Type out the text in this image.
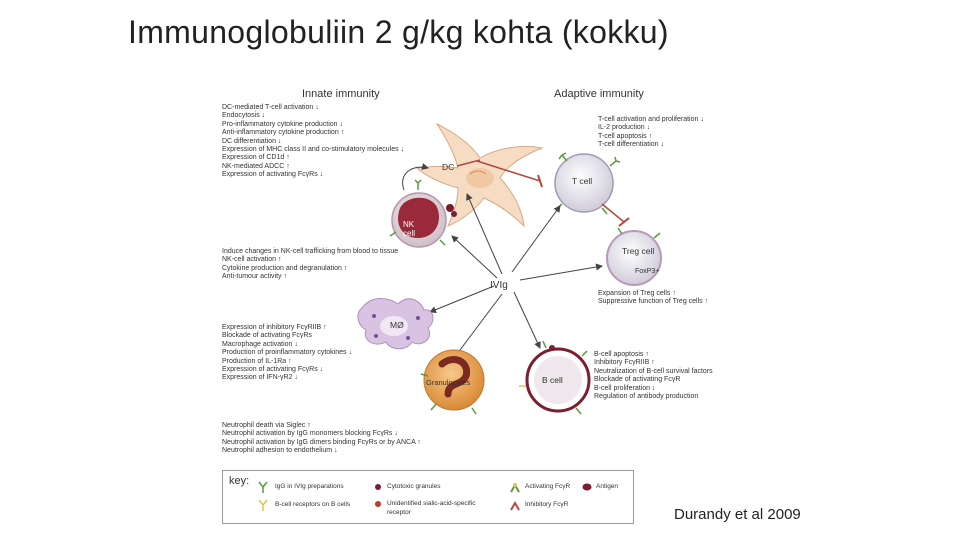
Immunoglobuliin 2 g/kg kohta (kokku)
Innate immunity	Adaptive immunity
DC-mediated T-cell activation ↓
Endocytosis ↓
Pro-inflammatory cytokine production ↓
Anti-inflammatory cytokine production ↑
DC differentiation ↓
Expression of MHC class II and co-stimulatory molecules ↓
Expression of CD1d ↑
NK-mediated ADCC ↑
Expression of activating FcγRs ↓
T-cell activation and proliferation ↓
IL-2 production ↓
T-cell apoptosis ↑
T-cell differentiation ↓
Induce changes in NK-cell trafficking from blood to tissue
NK-cell activation ↑
Cytokine production and degranulation ↑
Anti-tumour activity ↑
Expansion of Treg cells ↑
Suppressive function of Treg cells ↑
Expression of inhibitory FcγRIIB ↑
Blockade of activating FcγRs
Macrophage activation ↓
Production of proinflammatory cytokines ↓
Production of IL-1Ra ↑
Expression of activating FcγRs ↓
Expression of IFN-γR2 ↓
B-cell apoptosis ↑
Inhibitory FcγRIIB ↑
Neutralization of B-cell survival factors
Blockade of activating FcγR
B-cell proliferation ↓
Regulation of antibody production
Neutrophil death via Siglec ↑
Neutrophil activation by IgG monomers blocking FcγRs ↓
Neutrophil activation by IgG dimers binding FcγRs or by ANCA ↑
Neutrophil adhesion to endothelium ↓
DC
T cell
NK
cell
Treg cell
FoxP3+
IVIg
MØ
Granulocytes	B cell
key:	IgG in IVIg preparations
B-cell receptors on B cells
Cytotoxic granules
Unidentified sialic-acid-specific
receptor
Activating FcγR
Inhibitory FcγR
Antigen
Durandy et al 2009
